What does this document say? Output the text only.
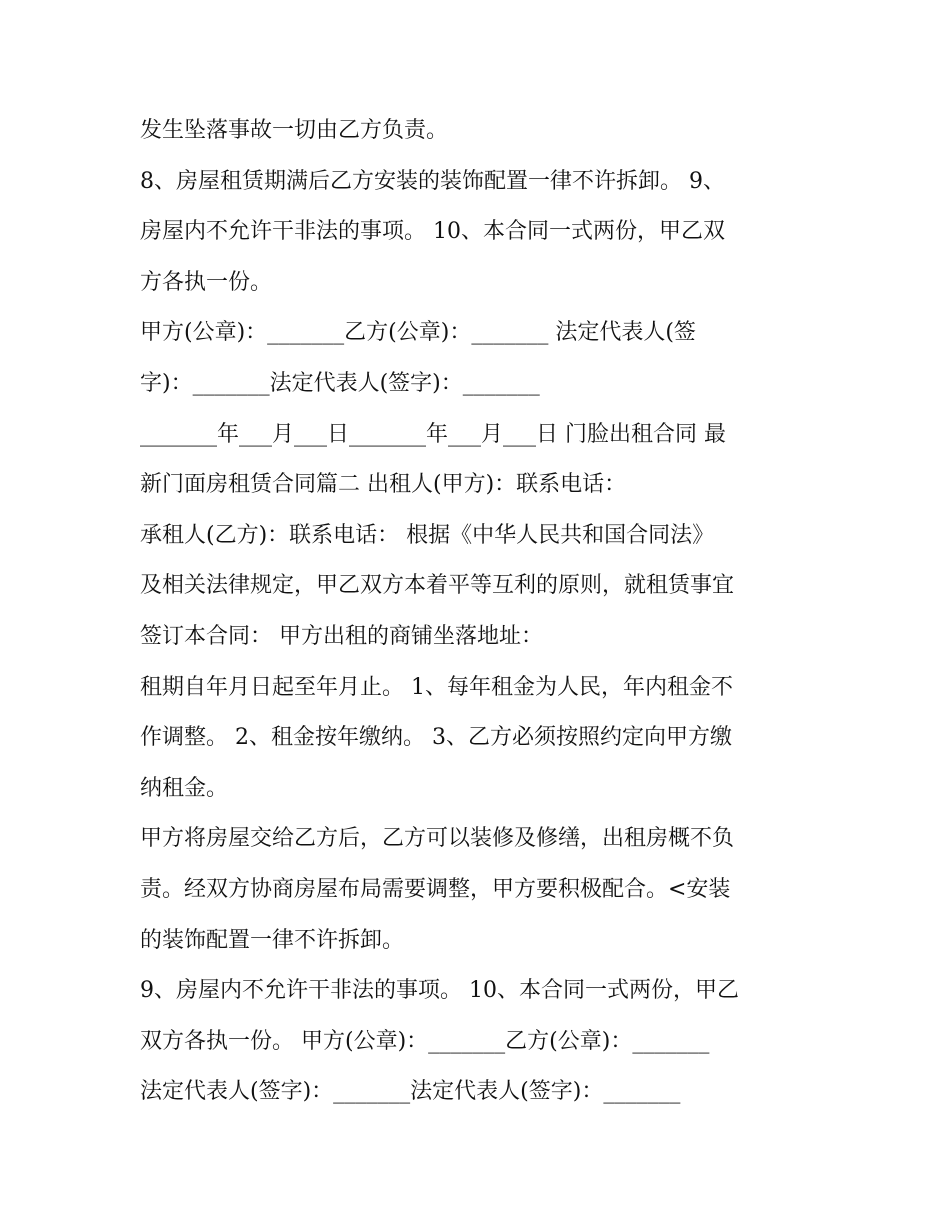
发生坠落事故一切由乙方负责。
8、房屋租赁期满后乙方安装的装饰配置一律不许拆卸。 9、
房屋内不允许干非法的事项。 10、本合同一式两份，甲乙双
方各执一份。
甲方(公章)：_______乙方(公章)：_______ 法定代表人(签
字)：_______法定代表人(签字)：_______
_______年___月___日_______年___月___日 门脸出租合同 最
新门面房租赁合同篇二 出租人(甲方)：联系电话：
承租人(乙方)：联系电话： 根据《中华人民共和国合同法》
及相关法律规定，甲乙双方本着平等互利的原则，就租赁事宜
签订本合同： 甲方出租的商铺坐落地址：
租期自年月日起至年月止。 1、每年租金为人民，年内租金不
作调整。 2、租金按年缴纳。 3、乙方必须按照约定向甲方缴
纳租金。
甲方将房屋交给乙方后，乙方可以装修及修缮，出租房概不负
责。经双方协商房屋布局需要调整，甲方要积极配合。<安装
的装饰配置一律不许拆卸。
9、房屋内不允许干非法的事项。 10、本合同一式两份，甲乙
双方各执一份。 甲方(公章)：_______乙方(公章)：_______
法定代表人(签字)：_______法定代表人(签字)：_______
